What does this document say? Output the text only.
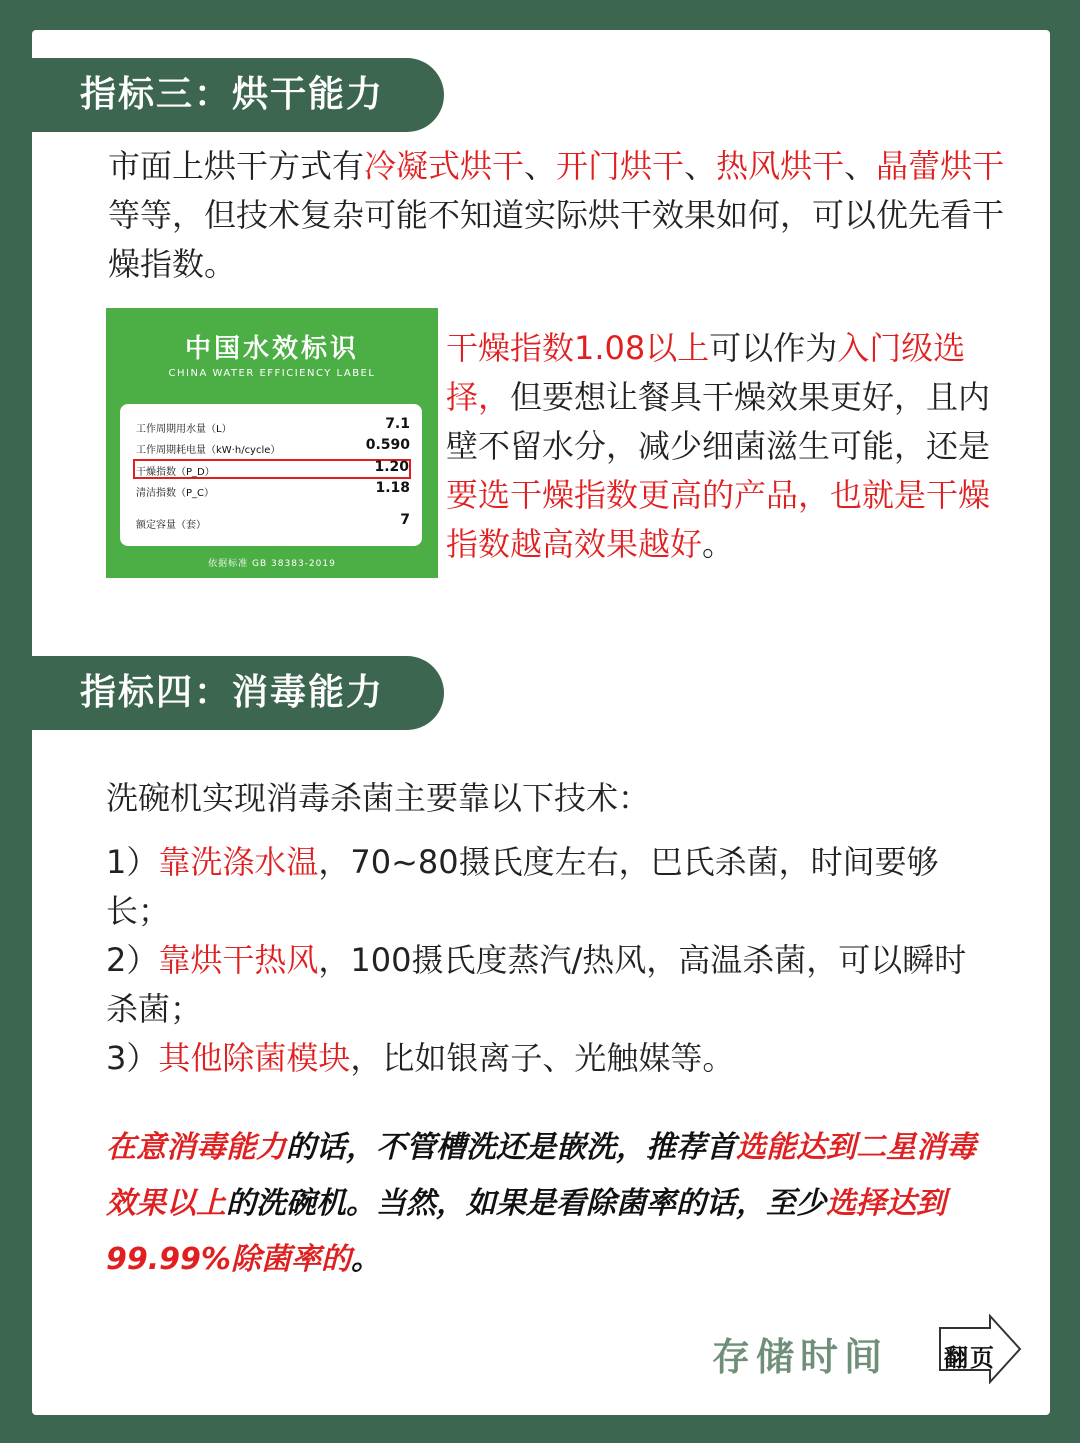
指标三：烘干能力
市面上烘干方式有冷凝式烘干、开门烘干、热风烘干、晶蕾烘干等等，但技术复杂可能不知道实际烘干效果如何，可以优先看干燥指数。
中国水效标识
CHINA WATER EFFICIENCY LABEL
工作周期用水量（L）	7.1
工作周期耗电量（kW·h/cycle）	0.590
干燥指数（P_D）	1.20
清洁指数（P_C）	1.18
额定容量（套）	7
依据标准 GB 38383-2019
干燥指数1.08以上可以作为入门级选择，但要想让餐具干燥效果更好，且内壁不留水分，减少细菌滋生可能，还是要选干燥指数更高的产品，也就是干燥指数越高效果越好。
指标四：消毒能力
洗碗机实现消毒杀菌主要靠以下技术：
1）靠洗涤水温，70~80摄氏度左右，巴氏杀菌，时间要够长；
2）靠烘干热风，100摄氏度蒸汽/热风，高温杀菌，可以瞬时杀菌；
3）其他除菌模块，比如银离子、光触媒等。
在意消毒能力的话，不管槽洗还是嵌洗，推荐首选能达到二星消毒效果以上的洗碗机。当然，如果是看除菌率的话，至少选择达到99.99%除菌率的。
存储时间 翻页
